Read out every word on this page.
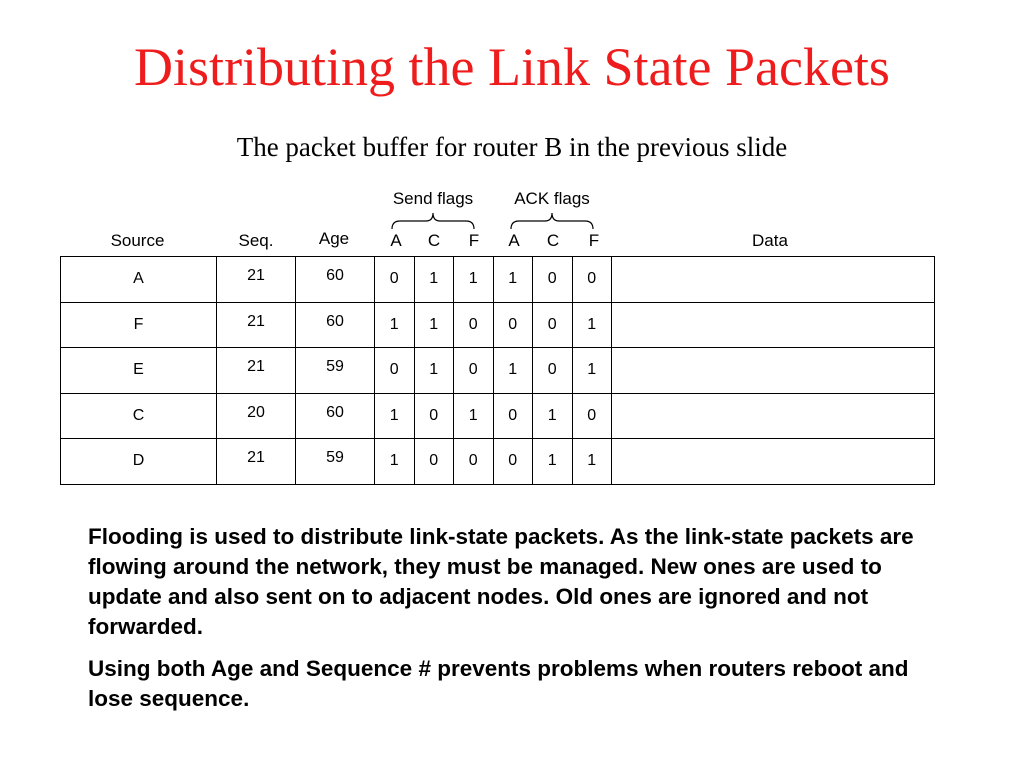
Distributing the Link State Packets

The packet buffer for router B in the previous slide

Send flags	ACK flags
Source	Seq.	Age	A	C	F	A	C	F	Data
A	21	60	0	1	1	1	0	0	
F	21	60	1	1	0	0	0	1	
E	21	59	0	1	0	1	0	1	
C	20	60	1	0	1	0	1	0	
D	21	59	1	0	0	0	1	1	

Flooding is used to distribute link-state packets. As the link-state packets are flowing around the network, they must be managed. New ones are used to update and also sent on to adjacent nodes. Old ones are ignored and not forwarded.

Using both Age and Sequence # prevents problems when routers reboot and lose sequence.
